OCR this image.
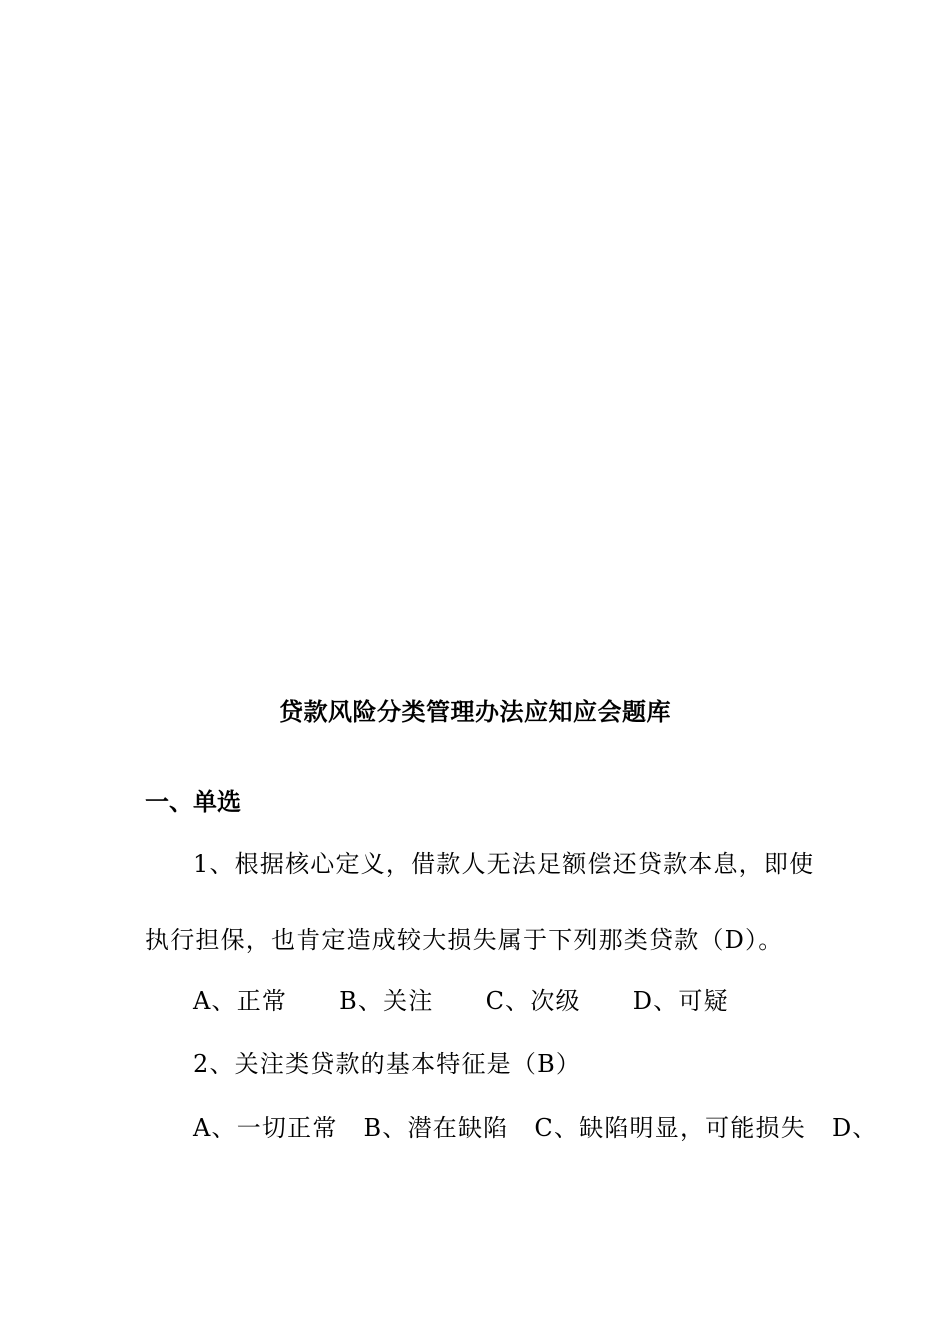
贷款风险分类管理办法应知应会题库
一、单选
1、根据核心定义，借款人无法足额偿还贷款本息，即使
执行担保，也肯定造成较大损失属于下列那类贷款（D）。
A、正常 B、关注 C、次级 D、可疑
2、关注类贷款的基本特征是（B）
A、一切正常 B、潜在缺陷 C、缺陷明显，可能损失 D、
